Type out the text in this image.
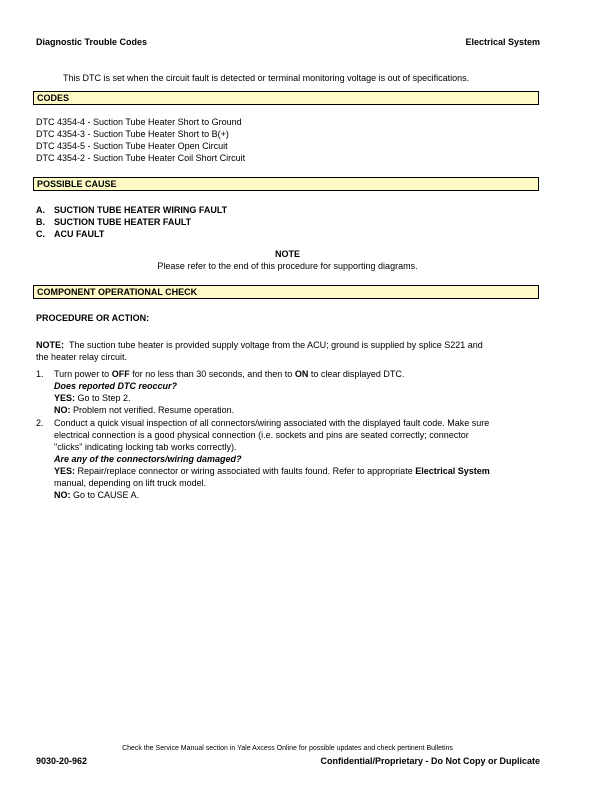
Diagnostic Trouble Codes	Electrical System
This DTC is set when the circuit fault is detected or terminal monitoring voltage is out of specifications.
CODES
DTC 4354-4 - Suction Tube Heater Short to Ground
DTC 4354-3 - Suction Tube Heater Short to B(+)
DTC 4354-5 - Suction Tube Heater Open Circuit
DTC 4354-2 - Suction Tube Heater Coil Short Circuit
POSSIBLE CAUSE
A. SUCTION TUBE HEATER WIRING FAULT
B. SUCTION TUBE HEATER FAULT
C. ACU FAULT
NOTE
Please refer to the end of this procedure for supporting diagrams.
COMPONENT OPERATIONAL CHECK
PROCEDURE OR ACTION:
NOTE: The suction tube heater is provided supply voltage from the ACU; ground is supplied by splice S221 and
the heater relay circuit.
1. Turn power to OFF for no less than 30 seconds, and then to ON to clear displayed DTC.
Does reported DTC reoccur?
YES: Go to Step 2.
NO: Problem not verified. Resume operation.
2. Conduct a quick visual inspection of all connectors/wiring associated with the displayed fault code. Make sure
electrical connection is a good physical connection (i.e. sockets and pins are seated correctly; connector
"clicks" indicating locking tab works correctly).
Are any of the connectors/wiring damaged?
YES: Repair/replace connector or wiring associated with faults found. Refer to appropriate Electrical System
manual, depending on lift truck model.
NO: Go to CAUSE A.
Check the Service Manual section in Yale Axcess Online for possible updates and check pertinent Bulletins
9030-20-962	Confidential/Proprietary - Do Not Copy or Duplicate
